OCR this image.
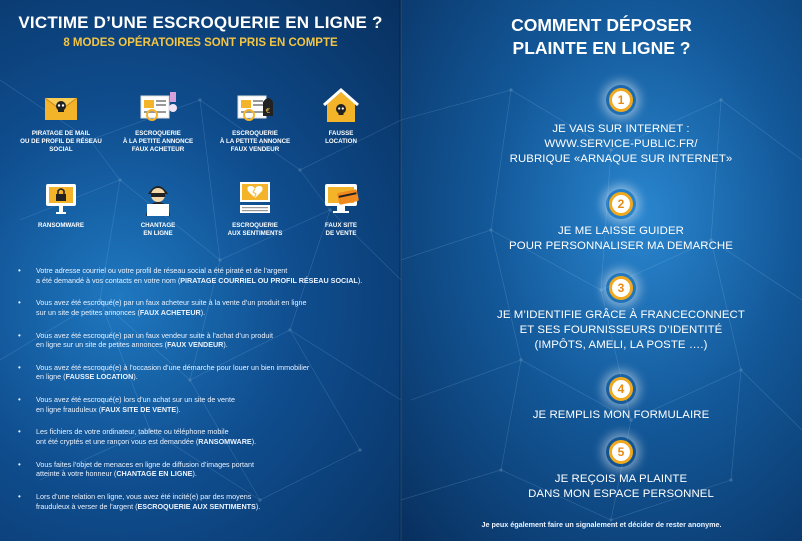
VICTIME D’UNE ESCROQUERIE EN LIGNE ?
8 MODES OPÉRATOIRES SONT PRIS EN COMPTE
PIRATAGE DE MAIL
OU DE PROFIL DE RÉSEAU
SOCIAL
ESCROQUERIE
À LA PETITE ANNONCE
FAUX ACHETEUR
€
ESCROQUERIE
À LA PETITE ANNONCE
FAUX VENDEUR
FAUSSE
LOCATION
RANSOMWARE	CHANTAGE
EN LIGNE
ESCROQUERIE
AUX SENTIMENTS
FAUX SITE
DE VENTE
• Votre adresse courriel ou votre profil de réseau social a été piraté et de l’argent
a été demandé à vos contacts en votre nom (PIRATAGE COURRIEL OU PROFIL RÉSEAU SOCIAL).
• Vous avez été escroqué(e) par un faux acheteur suite à la vente d’un produit en ligne
sur un site de petites annonces (FAUX ACHETEUR).
• Vous avez été escroqué(e) par un faux vendeur suite à l’achat d’un produit
en ligne sur un site de petites annonces (FAUX VENDEUR).
• Vous avez été escroqué(e) à l’occasion d’une démarche pour louer un bien immobilier
en ligne (FAUSSE LOCATION).
• Vous avez été escroqué(e) lors d’un achat sur un site de vente
en ligne frauduleux (FAUX SITE DE VENTE).
• Les fichiers de votre ordinateur, tablette ou téléphone mobile
ont été cryptés et une rançon vous est demandée (RANSOMWARE).
• Vous faites l’objet de menaces en ligne de diffusion d’images portant
atteinte à votre honneur (CHANTAGE EN LIGNE).
• Lors d’une relation en ligne, vous avez été incité(e) par des moyens
frauduleux à verser de l’argent (ESCROQUERIE AUX SENTIMENTS).
COMMENT DÉPOSER
PLAINTE EN LIGNE ?
1
JE VAIS SUR INTERNET :
WWW.SERVICE-PUBLIC.FR/
RUBRIQUE «ARNAQUE SUR INTERNET»
2
JE ME LAISSE GUIDER
POUR PERSONNALISER MA DEMARCHE
3
JE M’IDENTIFIE GRÂCE À FRANCECONNECT
ET SES FOURNISSEURS D’IDENTITÉ
(IMPÔTS, AMELI, LA POSTE ….)
4
JE REMPLIS MON FORMULAIRE
5
JE REÇOIS MA PLAINTE
DANS MON ESPACE PERSONNEL
Je peux également faire un signalement et décider de rester anonyme.
